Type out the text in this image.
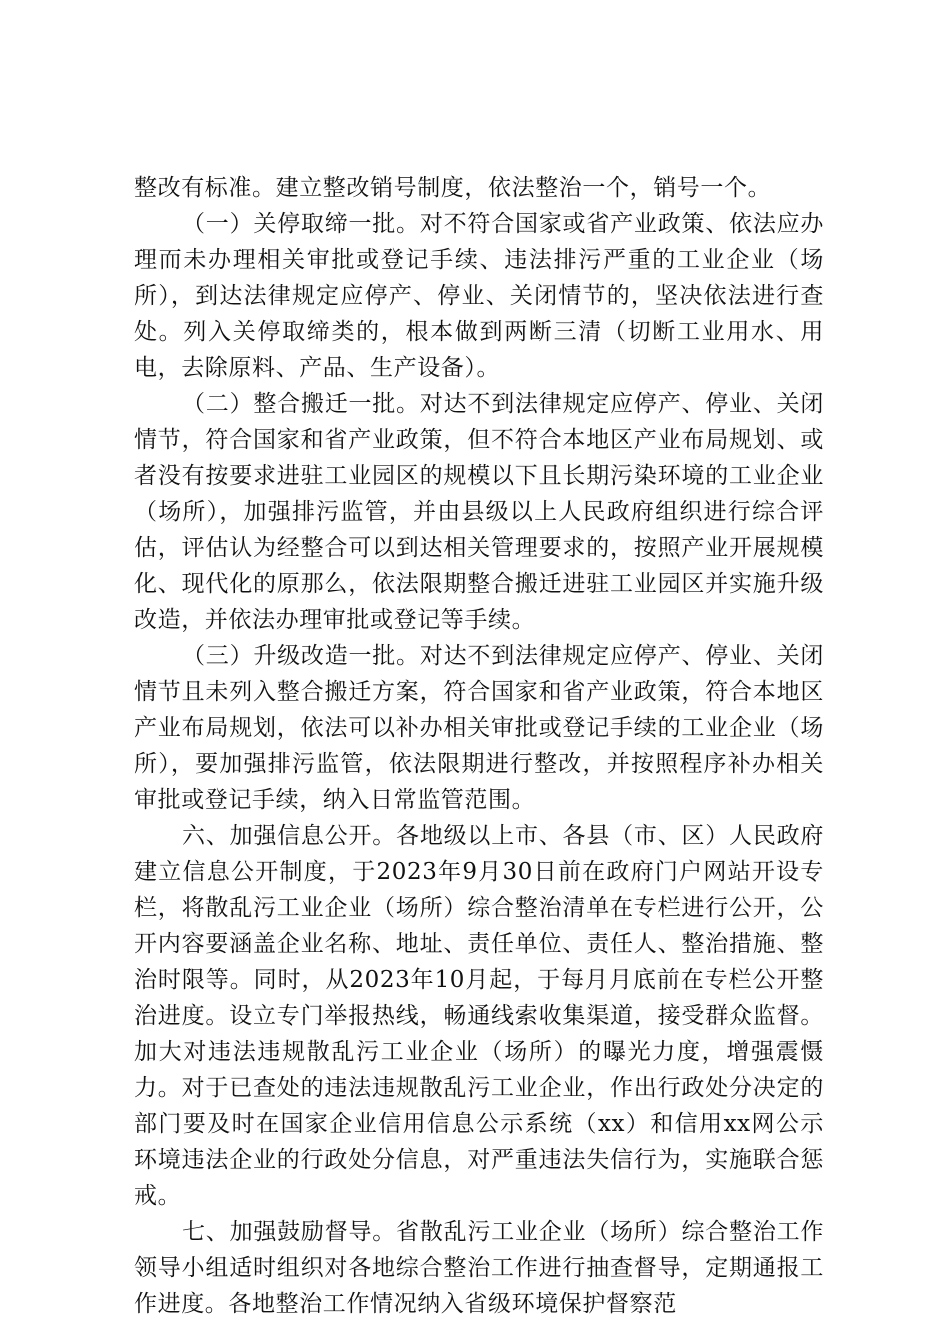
整改有标准。建立整改销号制度，依法整治一个，销号一个。

（一）关停取缔一批。对不符合国家或省产业政策、依法应办理而未办理相关审批或登记手续、违法排污严重的工业企业（场所），到达法律规定应停产、停业、关闭情节的，坚决依法进行查处。列入关停取缔类的，根本做到两断三清（切断工业用水、用电，去除原料、产品、生产设备）。

（二）整合搬迁一批。对达不到法律规定应停产、停业、关闭情节，符合国家和省产业政策，但不符合本地区产业布局规划、或者没有按要求进驻工业园区的规模以下且长期污染环境的工业企业（场所），加强排污监管，并由县级以上人民政府组织进行综合评估，评估认为经整合可以到达相关管理要求的，按照产业开展规模化、现代化的原那么，依法限期整合搬迁进驻工业园区并实施升级改造，并依法办理审批或登记等手续。

（三）升级改造一批。对达不到法律规定应停产、停业、关闭情节且未列入整合搬迁方案，符合国家和省产业政策，符合本地区产业布局规划，依法可以补办相关审批或登记手续的工业企业（场所），要加强排污监管，依法限期进行整改，并按照程序补办相关审批或登记手续，纳入日常监管范围。

六、加强信息公开。各地级以上市、各县（市、区）人民政府建立信息公开制度，于2023年9月30日前在政府门户网站开设专栏，将散乱污工业企业（场所）综合整治清单在专栏进行公开，公开内容要涵盖企业名称、地址、责任单位、责任人、整治措施、整治时限等。同时，从2023年10月起，于每月月底前在专栏公开整治进度。设立专门举报热线，畅通线索收集渠道，接受群众监督。加大对违法违规散乱污工业企业（场所）的曝光力度，增强震慑力。对于已查处的违法违规散乱污工业企业，作出行政处分决定的部门要及时在国家企业信用信息公示系统（xx）和信用xx网公示环境违法企业的行政处分信息，对严重违法失信行为，实施联合惩戒。

七、加强鼓励督导。省散乱污工业企业（场所）综合整治工作领导小组适时组织对各地综合整治工作进行抽查督导，定期通报工作进度。各地整治工作情况纳入省级环境保护督察范
